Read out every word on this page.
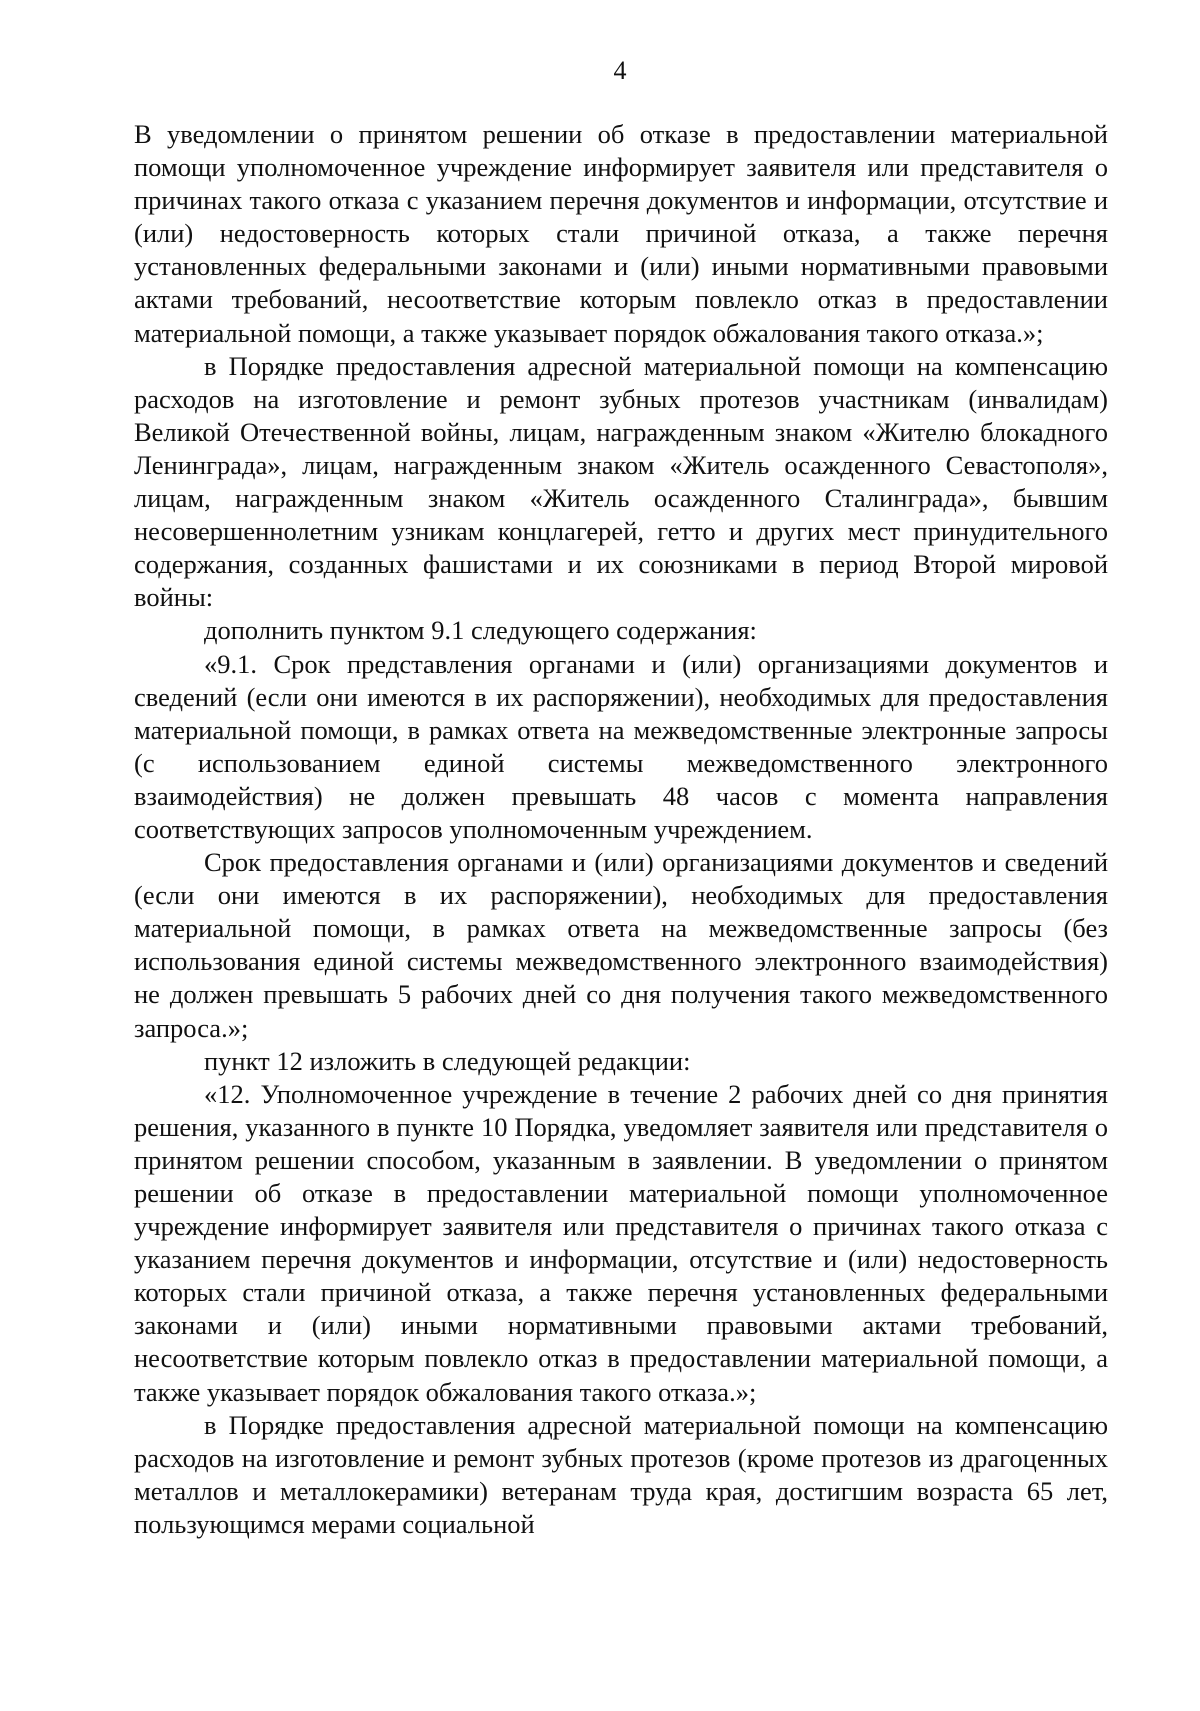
4

В уведомлении о принятом решении об отказе в предоставлении материальной помощи уполномоченное учреждение информирует заявителя или представителя о причинах такого отказа с указанием перечня документов и информации, отсутствие и (или) недостоверность которых стали причиной отказа, а также перечня установленных федеральными законами и (или) иными нормативными правовыми актами требований, несоответствие которым повлекло отказ в предоставлении материальной помощи, а также указывает порядок обжалования такого отказа.»;

в Порядке предоставления адресной материальной помощи на компенсацию расходов на изготовление и ремонт зубных протезов участникам (инвалидам) Великой Отечественной войны, лицам, награжденным знаком «Жителю блокадного Ленинграда», лицам, награжденным знаком «Житель осажденного Севастополя», лицам, награжденным знаком «Житель осажденного Сталинграда», бывшим несовершеннолетним узникам концлагерей, гетто и других мест принудительного содержания, созданных фашистами и их союзниками в период Второй мировой войны:

дополнить пунктом 9.1 следующего содержания:

«9.1. Срок представления органами и (или) организациями документов и сведений (если они имеются в их распоряжении), необходимых для предоставления материальной помощи, в рамках ответа на межведомственные электронные запросы (с использованием единой системы межведомственного электронного взаимодействия) не должен превышать 48 часов с момента направления соответствующих запросов уполномоченным учреждением.

Срок предоставления органами и (или) организациями документов и сведений (если они имеются в их распоряжении), необходимых для предоставления материальной помощи, в рамках ответа на межведомственные запросы (без использования единой системы межведомственного электронного взаимодействия) не должен превышать 5 рабочих дней со дня получения такого межведомственного запроса.»;

пункт 12 изложить в следующей редакции:

«12. Уполномоченное учреждение в течение 2 рабочих дней со дня принятия решения, указанного в пункте 10 Порядка, уведомляет заявителя или представителя о принятом решении способом, указанным в заявлении. В уведомлении о принятом решении об отказе в предоставлении материальной помощи уполномоченное учреждение информирует заявителя или представителя о причинах такого отказа с указанием перечня документов и информации, отсутствие и (или) недостоверность которых стали причиной отказа, а также перечня установленных федеральными законами и (или) иными нормативными правовыми актами требований, несоответствие которым повлекло отказ в предоставлении материальной помощи, а также указывает порядок обжалования такого отказа.»;

в Порядке предоставления адресной материальной помощи на компенсацию расходов на изготовление и ремонт зубных протезов (кроме протезов из драгоценных металлов и металлокерамики) ветеранам труда края, достигшим возраста 65 лет, пользующимся мерами социальной
